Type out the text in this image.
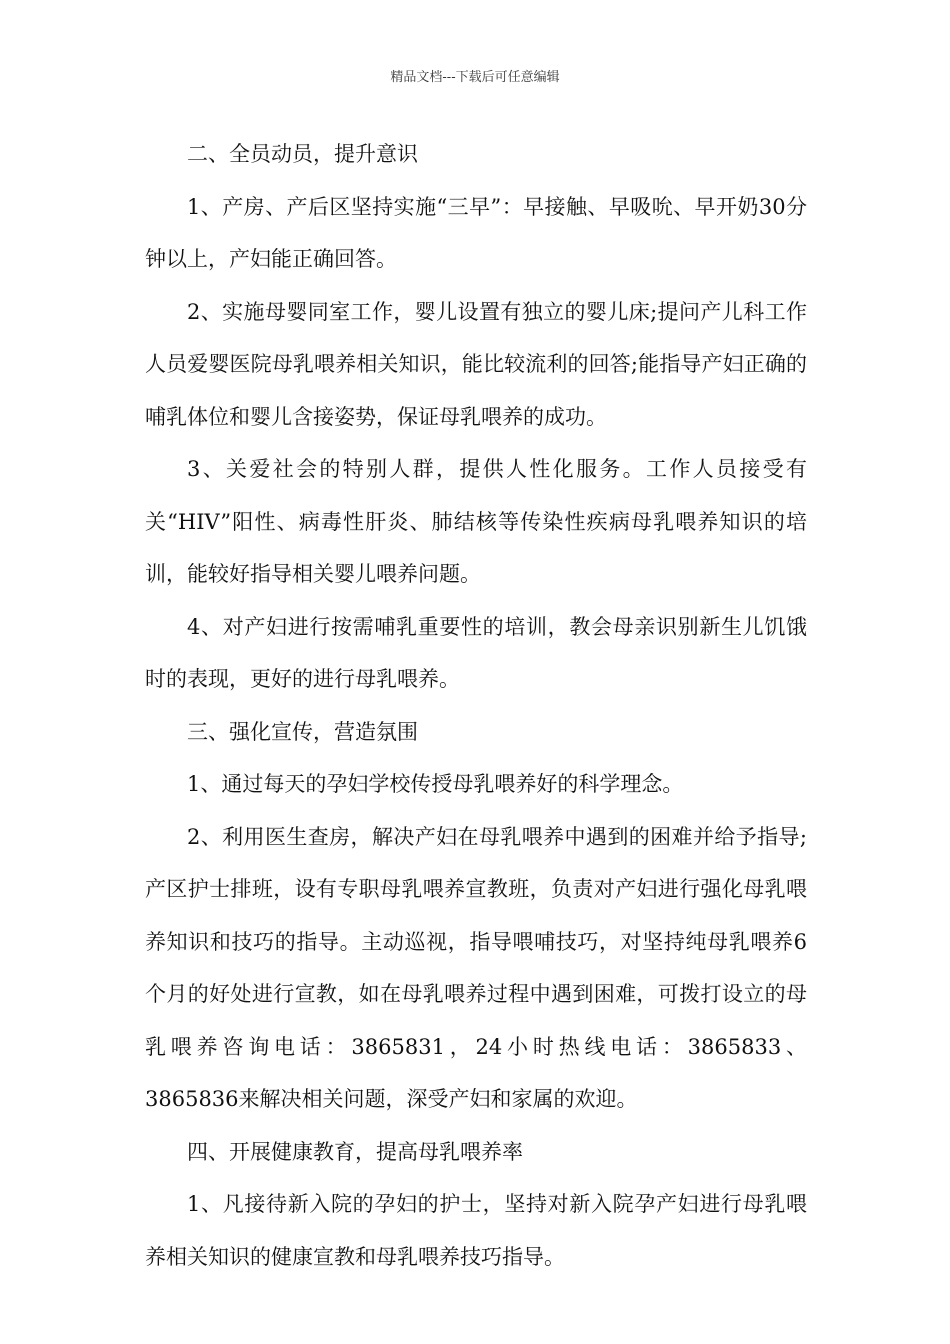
精品文档---下载后可任意编辑

二、全员动员，提升意识

1、产房、产后区坚持实施“三早”：早接触、早吸吮、早开奶30分钟以上，产妇能正确回答。

2、实施母婴同室工作，婴儿设置有独立的婴儿床;提问产儿科工作人员爱婴医院母乳喂养相关知识，能比较流利的回答;能指导产妇正确的哺乳体位和婴儿含接姿势，保证母乳喂养的成功。

3、关爱社会的特别人群，提供人性化服务。工作人员接受有关“HIV”阳性、病毒性肝炎、肺结核等传染性疾病母乳喂养知识的培训，能较好指导相关婴儿喂养问题。

4、对产妇进行按需哺乳重要性的培训，教会母亲识别新生儿饥饿时的表现，更好的进行母乳喂养。

三、强化宣传，营造氛围

1、通过每天的孕妇学校传授母乳喂养好的科学理念。

2、利用医生查房，解决产妇在母乳喂养中遇到的困难并给予指导;产区护士排班，设有专职母乳喂养宣教班，负责对产妇进行强化母乳喂养知识和技巧的指导。主动巡视，指导喂哺技巧，对坚持纯母乳喂养6个月的好处进行宣教，如在母乳喂养过程中遇到困难，可拨打设立的母乳喂养咨询电话：3865831，24小时热线电话：3865833、3865836来解决相关问题，深受产妇和家属的欢迎。

四、开展健康教育，提高母乳喂养率

1、凡接待新入院的孕妇的护士，坚持对新入院孕产妇进行母乳喂养相关知识的健康宣教和母乳喂养技巧指导。
